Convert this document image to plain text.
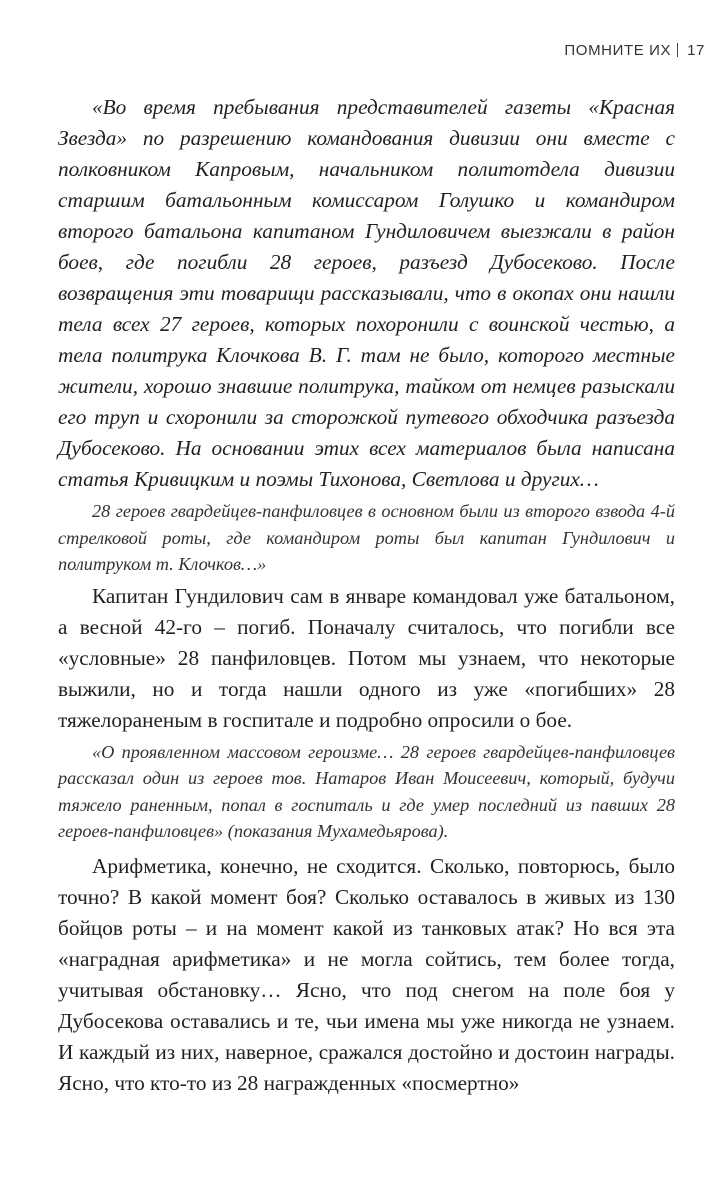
ПОМНИТЕ ИХ 17

«Во время пребывания представителей газеты «Красная Звезда» по разрешению командования дивизии они вместе с полковником Капровым, начальником политотдела дивизии старшим батальонным комиссаром Голушко и командиром второго батальона капитаном Гундиловичем выезжали в район боев, где погибли 28 героев, разъезд Дубосеково. После возвращения эти товарищи рассказывали, что в окопах они нашли тела всех 27 героев, которых похоронили с воинской честью, а тела политрука Клочкова В. Г. там не было, которого местные жители, хорошо знавшие политрука, тайком от немцев разыскали его труп и схоронили за сторожкой путевого обходчика разъезда Дубосеково. На основании этих всех материалов была написана статья Кривицким и поэмы Тихонова, Светлова и других…

28 героев гвардейцев-панфиловцев в основном были из второго взвода 4-й стрелковой роты, где командиром роты был капитан Гундилович и политруком т. Клочков…»

Капитан Гундилович сам в январе командовал уже батальоном, а весной 42-го – погиб. Поначалу считалось, что погибли все «условные» 28 панфиловцев. Потом мы узнаем, что некоторые выжили, но и тогда нашли одного из уже «погибших» 28 тяжелораненым в госпитале и подробно опросили о бое.

«О проявленном массовом героизме… 28 героев гвардейцев-панфиловцев рассказал один из героев тов. Натаров Иван Моисеевич, который, будучи тяжело раненным, попал в госпиталь и где умер последний из павших 28 героев-панфиловцев» (показания Мухамедьярова).

Арифметика, конечно, не сходится. Сколько, повторюсь, было точно? В какой момент боя? Сколько оставалось в живых из 130 бойцов роты – и на момент какой из танковых атак? Но вся эта «наградная арифметика» и не могла сойтись, тем более тогда, учитывая обстановку… Ясно, что под снегом на поле боя у Дубосекова оставались и те, чьи имена мы уже никогда не узнаем. И каждый из них, наверное, сражался достойно и достоин награды. Ясно, что кто-то из 28 награжденных «посмертно»
